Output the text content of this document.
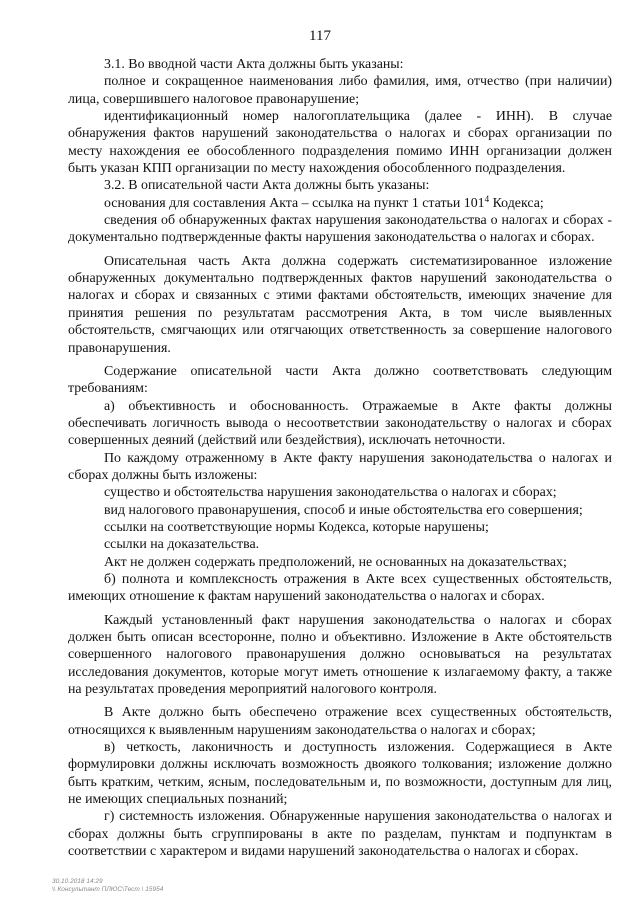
117

3.1. Во вводной части Акта должны быть указаны:

полное и сокращенное наименования либо фамилия, имя, отчество (при наличии) лица, совершившего налоговое правонарушение;

идентификационный номер налогоплательщика (далее - ИНН). В случае обнаружения фактов нарушений законодательства о налогах и сборах организации по месту нахождения ее обособленного подразделения помимо ИНН организации должен быть указан КПП организации по месту нахождения обособленного подразделения.

3.2. В описательной части Акта должны быть указаны:

основания для составления Акта – ссылка на пункт 1 статьи $101^4$ Кодекса;

сведения об обнаруженных фактах нарушения законодательства о налогах и сборах - документально подтвержденные факты нарушения законодательства о налогах и сборах.

Описательная часть Акта должна содержать систематизированное изложение обнаруженных документально подтвержденных фактов нарушений законодательства о налогах и сборах и связанных с этими фактами обстоятельств, имеющих значение для принятия решения по результатам рассмотрения Акта, в том числе выявленных обстоятельств, смягчающих или отягчающих ответственность за совершение налогового правонарушения.

Содержание описательной части Акта должно соответствовать следующим требованиям:

а) объективность и обоснованность. Отражаемые в Акте факты должны обеспечивать логичность вывода о несоответствии законодательству о налогах и сборах совершенных деяний (действий или бездействия), исключать неточности.

По каждому отраженному в Акте факту нарушения законодательства о налогах и сборах должны быть изложены:

существо и обстоятельства нарушения законодательства о налогах и сборах;

вид налогового правонарушения, способ и иные обстоятельства его совершения;

ссылки на соответствующие нормы Кодекса, которые нарушены;

ссылки на доказательства.

Акт не должен содержать предположений, не основанных на доказательствах;

б) полнота и комплексность отражения в Акте всех существенных обстоятельств, имеющих отношение к фактам нарушений законодательства о налогах и сборах.

Каждый установленный факт нарушения законодательства о налогах и сборах должен быть описан всесторонне, полно и объективно. Изложение в Акте обстоятельств совершенного налогового правонарушения должно основываться на результатах исследования документов, которые могут иметь отношение к излагаемому факту, а также на результатах проведения мероприятий налогового контроля.

В Акте должно быть обеспечено отражение всех существенных обстоятельств, относящихся к выявленным нарушениям законодательства о налогах и сборах;

в) четкость, лаконичность и доступность изложения. Содержащиеся в Акте формулировки должны исключать возможность двоякого толкования; изложение должно быть кратким, четким, ясным, последовательным и, по возможности, доступным для лиц, не имеющих специальных познаний;

г) системность изложения. Обнаруженные нарушения законодательства о налогах и сборах должны быть сгруппированы в акте по разделам, пунктам и подпунктам в соответствии с характером и видами нарушений законодательства о налогах и сборах.

30.10.2018 14:29
\\ Консультант ПЛЮС\Тест \ 15954
